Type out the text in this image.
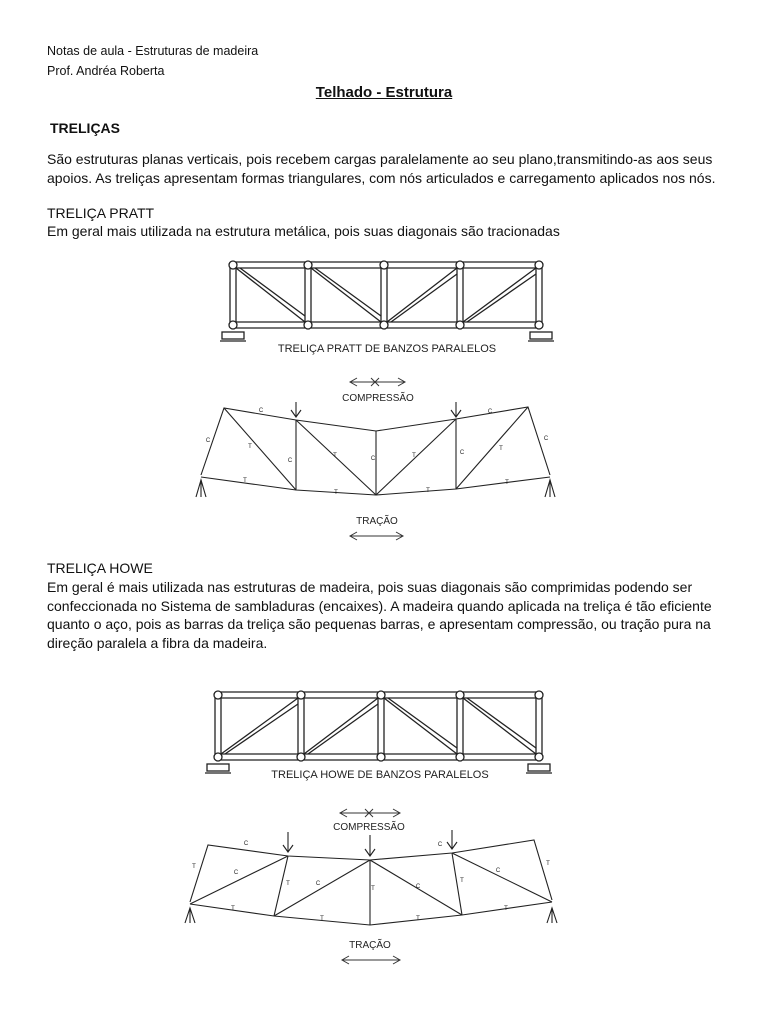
Notas de aula - Estruturas de madeira
Prof. Andréa Roberta
Telhado - Estrutura
TRELIÇAS
São estruturas planas verticais, pois recebem cargas paralelamente ao seu plano,transmitindo-as aos seus apoios. As treliças apresentam formas triangulares, com nós articulados e carregamento aplicados nos nós.
TRELIÇA PRATT
Em geral mais utilizada na estrutura metálica, pois suas diagonais são tracionadas
TRELIÇA PRATT DE BANZOS PARALELOS
COMPRESSÃO
C
C
T
C
T	C	T	C
T
C
C
T
T	T
T
TRAÇÃO
TRELIÇA HOWE
Em geral é mais utilizada nas estruturas de madeira, pois suas diagonais são comprimidas podendo ser confeccionada no Sistema de sambladuras (encaixes). A madeira quando aplicada na treliça é tão eficiente quanto o aço, pois as barras da treliça são pequenas barras, e apresentam compressão, ou tração pura na direção paralela a fibra da madeira.
TRELIÇA HOWE DE BANZOS PARALELOS
COMPRESSÃO
C
T
C
T	C
T	C
T
C
C
T
T
T	T
T
TRAÇÃO
